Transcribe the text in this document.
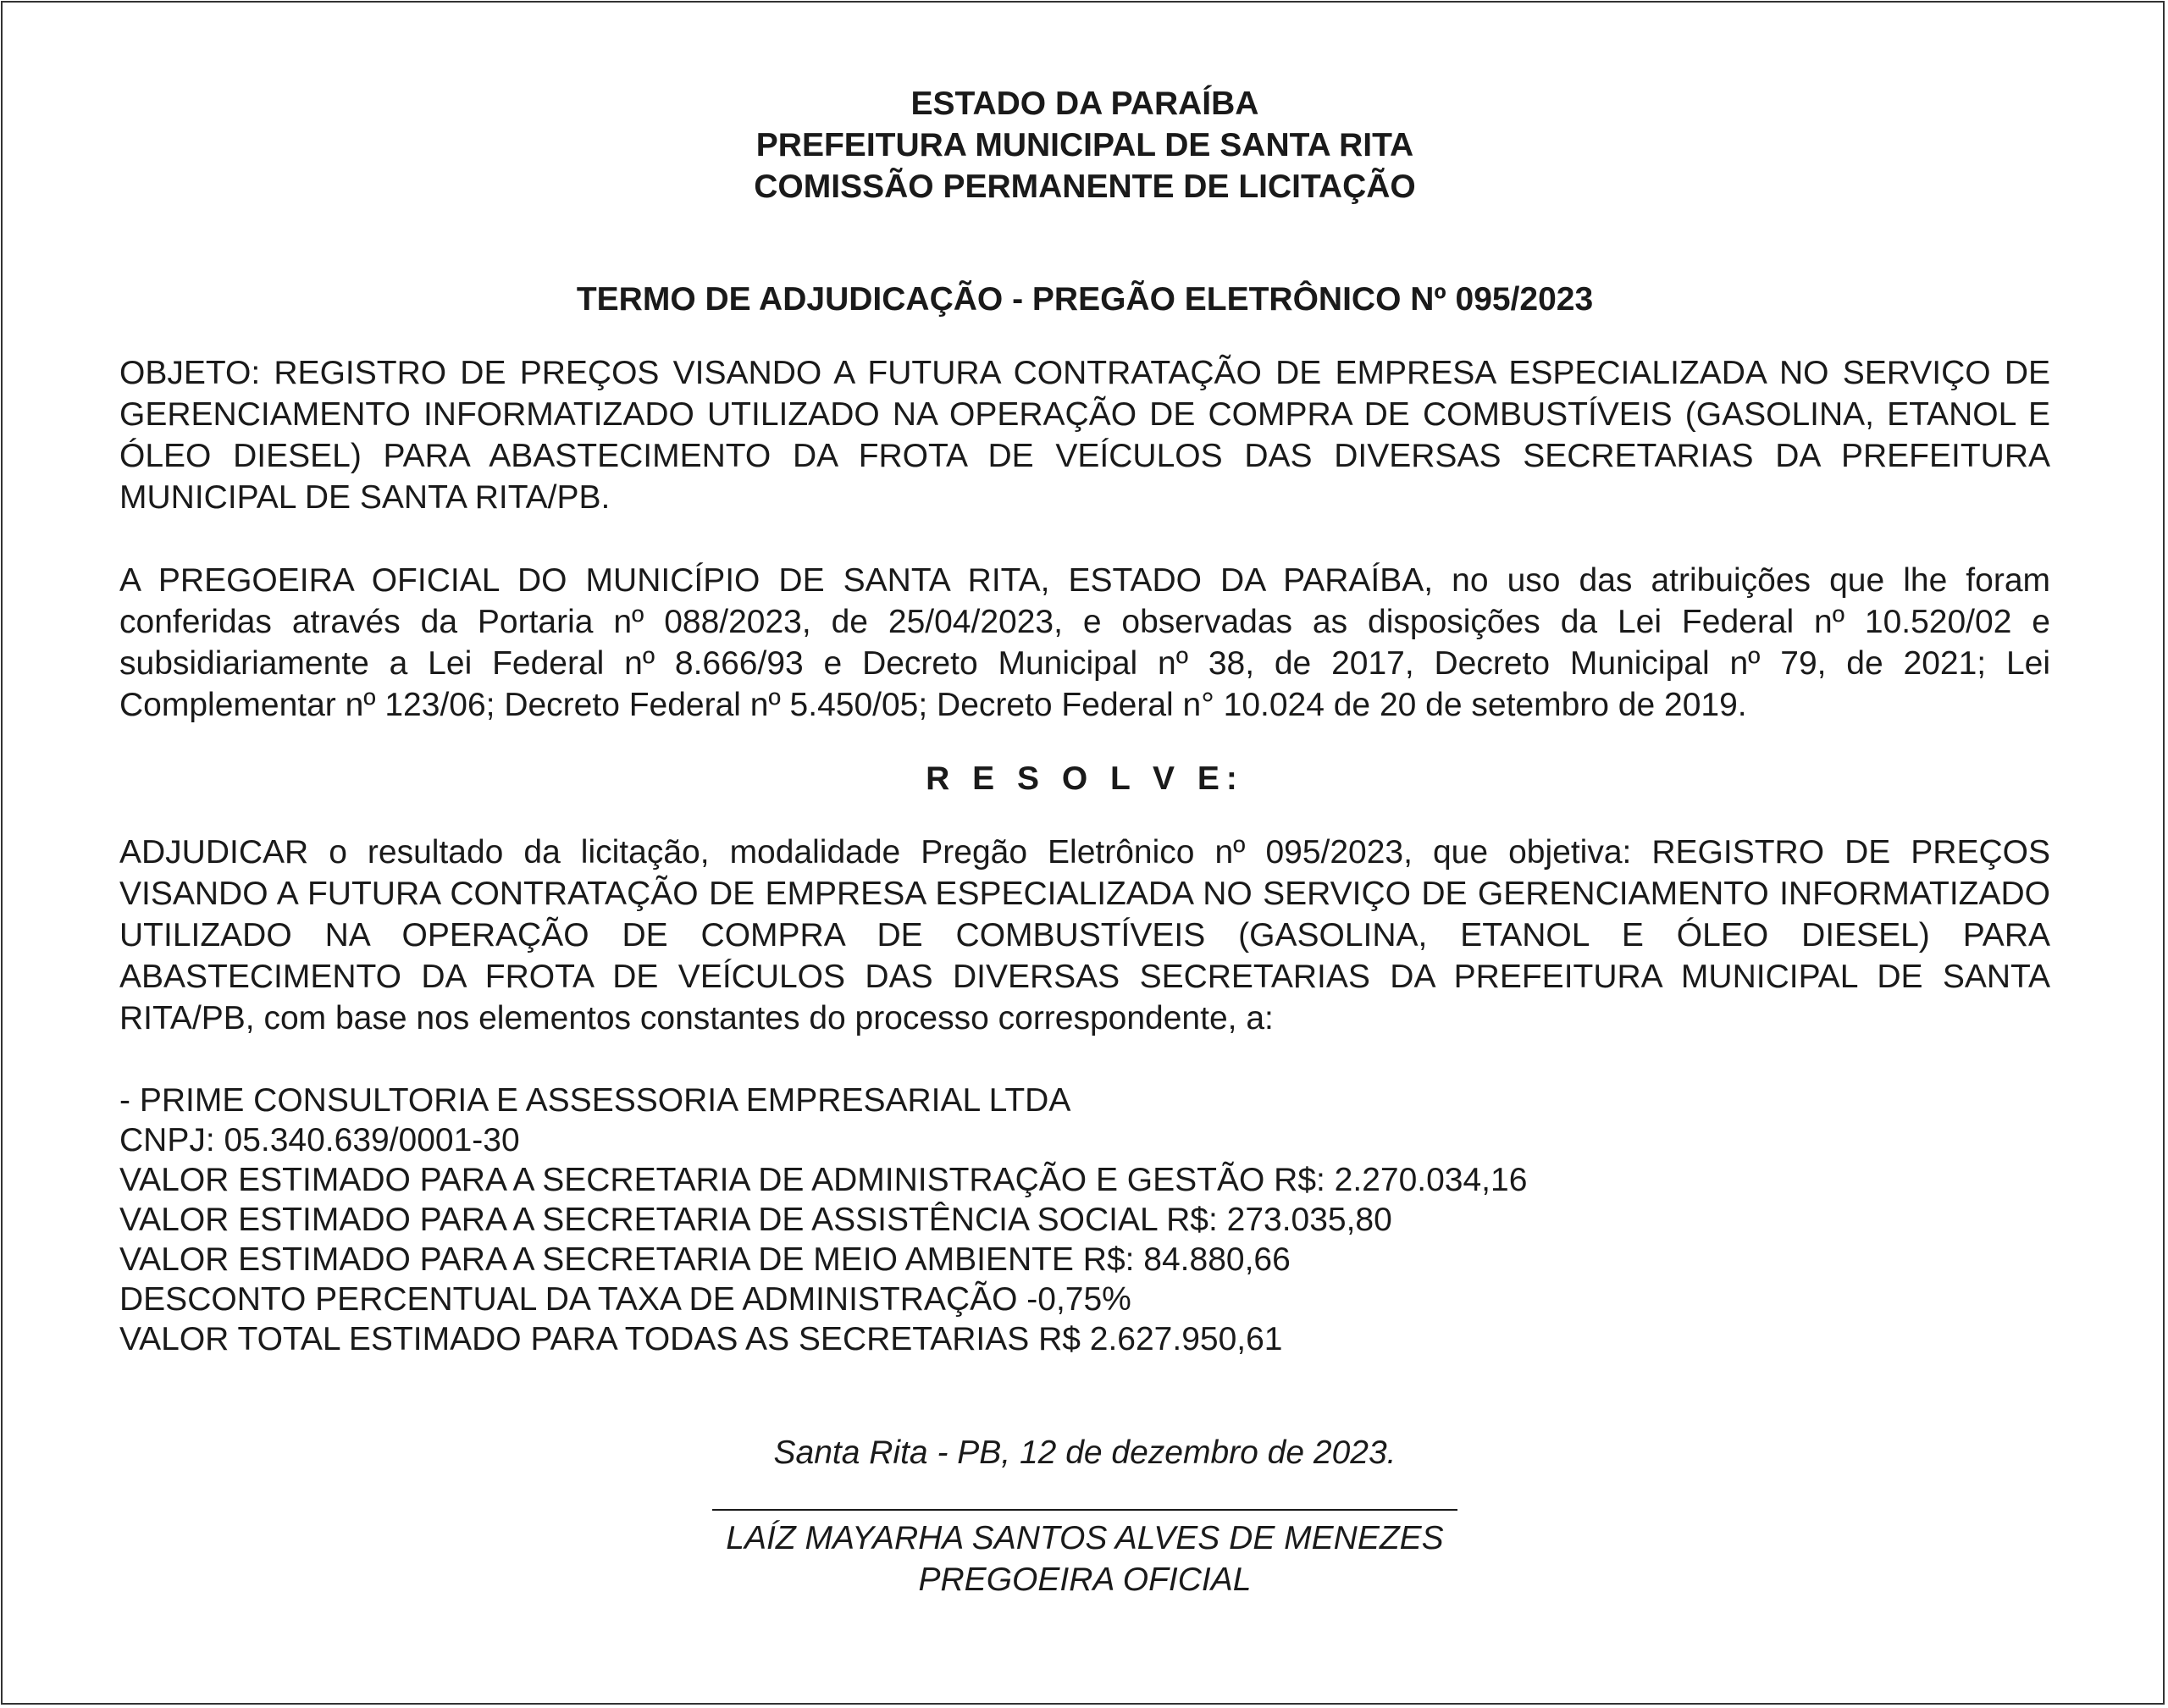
ESTADO DA PARAÍBA
PREFEITURA MUNICIPAL DE SANTA RITA
COMISSÃO PERMANENTE DE LICITAÇÃO
TERMO DE ADJUDICAÇÃO - PREGÃO ELETRÔNICO Nº 095/2023

OBJETO: REGISTRO DE PREÇOS VISANDO A FUTURA CONTRATAÇÃO DE EMPRESA ESPECIALIZADA NO SERVIÇO DE GERENCIAMENTO INFORMATIZADO UTILIZADO NA OPERAÇÃO DE COMPRA DE COMBUSTÍVEIS (GASOLINA, ETANOL E ÓLEO DIESEL) PARA ABASTECIMENTO DA FROTA DE VEÍCULOS DAS DIVERSAS SECRETARIAS DA PREFEITURA MUNICIPAL DE SANTA RITA/PB.

A PREGOEIRA OFICIAL DO MUNICÍPIO DE SANTA RITA, ESTADO DA PARAÍBA, no uso das atribuições que lhe foram conferidas através da Portaria nº 088/2023, de 25/04/2023, e observadas as disposições da Lei Federal nº 10.520/02 e subsidiariamente a Lei Federal nº 8.666/93 e Decreto Municipal nº 38, de 2017, Decreto Municipal nº 79, de 2021; Lei Complementar nº 123/06; Decreto Federal nº 5.450/05; Decreto Federal n° 10.024 de 20 de setembro de 2019.

R E S O L V E:

ADJUDICAR o resultado da licitação, modalidade Pregão Eletrônico nº 095/2023, que objetiva: REGISTRO DE PREÇOS VISANDO A FUTURA CONTRATAÇÃO DE EMPRESA ESPECIALIZADA NO SERVIÇO DE GERENCIAMENTO INFORMATIZADO UTILIZADO NA OPERAÇÃO DE COMPRA DE COMBUSTÍVEIS (GASOLINA, ETANOL E ÓLEO DIESEL) PARA ABASTECIMENTO DA FROTA DE VEÍCULOS DAS DIVERSAS SECRETARIAS DA PREFEITURA MUNICIPAL DE SANTA RITA/PB, com base nos elementos constantes do processo correspondente, a:

- PRIME CONSULTORIA E ASSESSORIA EMPRESARIAL LTDA
CNPJ: 05.340.639/0001-30
VALOR ESTIMADO PARA A SECRETARIA DE ADMINISTRAÇÃO E GESTÃO R$: 2.270.034,16
VALOR ESTIMADO PARA A SECRETARIA DE ASSISTÊNCIA SOCIAL R$: 273.035,80
VALOR ESTIMADO PARA A SECRETARIA DE MEIO AMBIENTE R$: 84.880,66
DESCONTO PERCENTUAL DA TAXA DE ADMINISTRAÇÃO -0,75%
VALOR TOTAL ESTIMADO PARA TODAS AS SECRETARIAS R$ 2.627.950,61
Santa Rita - PB, 12 de dezembro de 2023.
LAÍZ MAYARHA SANTOS ALVES DE MENEZES
PREGOEIRA OFICIAL
